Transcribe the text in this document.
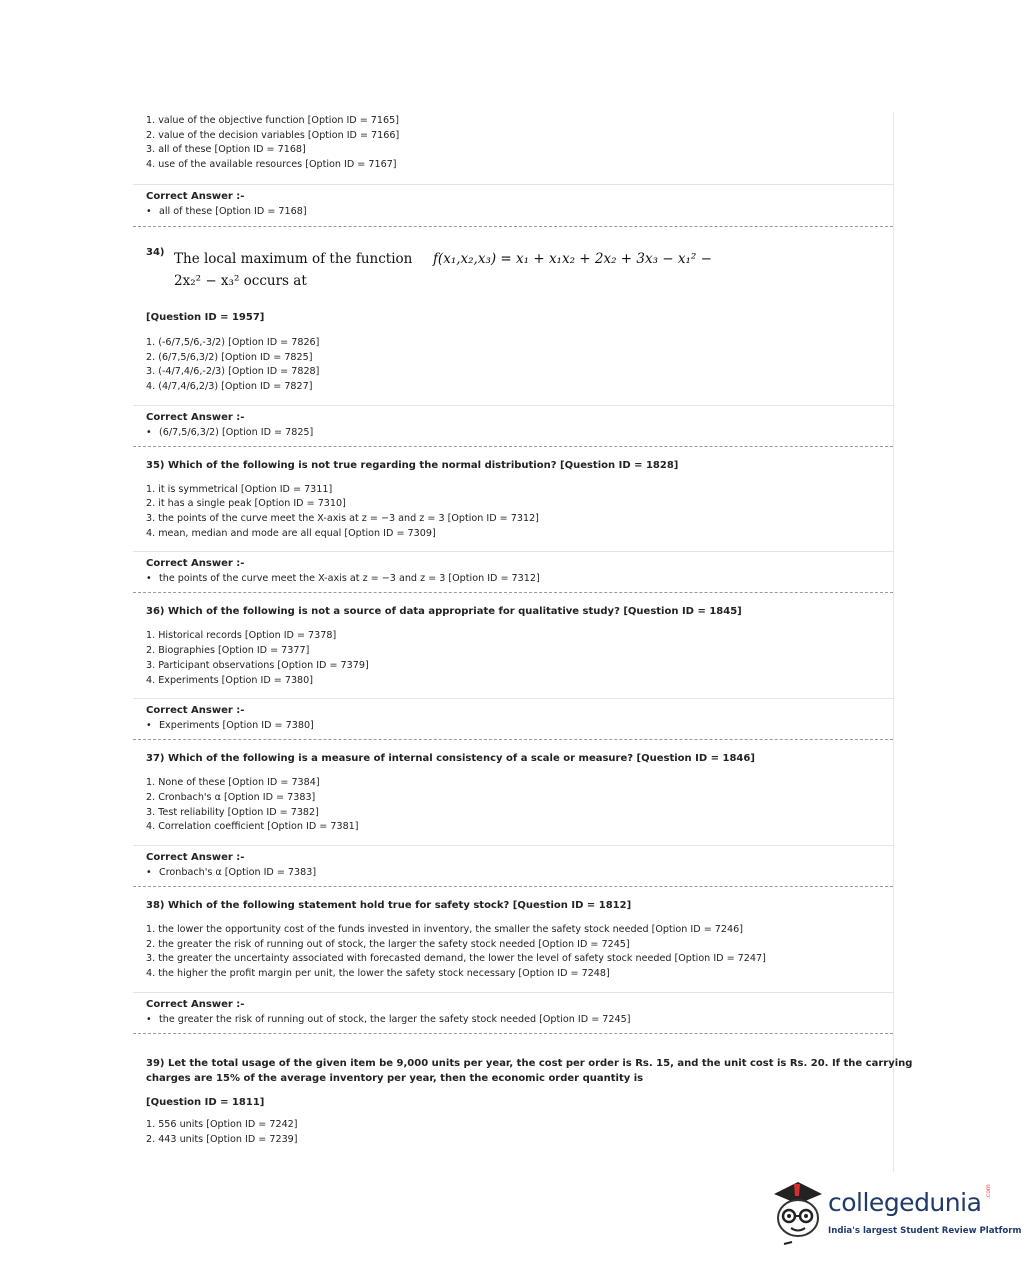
1. value of the objective function [Option ID = 7165]
2. value of the decision variables [Option ID = 7166]
3. all of these [Option ID = 7168]
4. use of the available resources [Option ID = 7167]
Correct Answer :-
• all of these [Option ID = 7168]
34) The local maximum of the function f(x₁,x₂,x₃) = x₁ + x₁x₂ + 2x₂ + 3x₃ − x₁² −
2x₂² − x₃² occurs at
[Question ID = 1957]
1. (-6/7,5/6,-3/2) [Option ID = 7826]
2. (6/7,5/6,3/2) [Option ID = 7825]
3. (-4/7,4/6,-2/3) [Option ID = 7828]
4. (4/7,4/6,2/3) [Option ID = 7827]
Correct Answer :-
• (6/7,5/6,3/2) [Option ID = 7825]
35) Which of the following is not true regarding the normal distribution? [Question ID = 1828]
1. it is symmetrical [Option ID = 7311]
2. it has a single peak [Option ID = 7310]
3. the points of the curve meet the X-axis at z = −3 and z = 3 [Option ID = 7312]
4. mean, median and mode are all equal [Option ID = 7309]
Correct Answer :-
• the points of the curve meet the X-axis at z = −3 and z = 3 [Option ID = 7312]
36) Which of the following is not a source of data appropriate for qualitative study? [Question ID = 1845]
1. Historical records [Option ID = 7378]
2. Biographies [Option ID = 7377]
3. Participant observations [Option ID = 7379]
4. Experiments [Option ID = 7380]
Correct Answer :-
• Experiments [Option ID = 7380]
37) Which of the following is a measure of internal consistency of a scale or measure? [Question ID = 1846]
1. None of these [Option ID = 7384]
2. Cronbach's α [Option ID = 7383]
3. Test reliability [Option ID = 7382]
4. Correlation coefficient [Option ID = 7381]
Correct Answer :-
• Cronbach's α [Option ID = 7383]
38) Which of the following statement hold true for safety stock? [Question ID = 1812]
1. the lower the opportunity cost of the funds invested in inventory, the smaller the safety stock needed [Option ID = 7246]
2. the greater the risk of running out of stock, the larger the safety stock needed [Option ID = 7245]
3. the greater the uncertainty associated with forecasted demand, the lower the level of safety stock needed [Option ID = 7247]
4. the higher the profit margin per unit, the lower the safety stock necessary [Option ID = 7248]
Correct Answer :-
• the greater the risk of running out of stock, the larger the safety stock needed [Option ID = 7245]
39) Let the total usage of the given item be 9,000 units per year, the cost per order is Rs. 15, and the unit cost is Rs. 20. If the carrying
charges are 15% of the average inventory per year, then the economic order quantity is
[Question ID = 1811]
1. 556 units [Option ID = 7242]
2. 443 units [Option ID = 7239]
collegedunia .com
India's largest Student Review Platform
